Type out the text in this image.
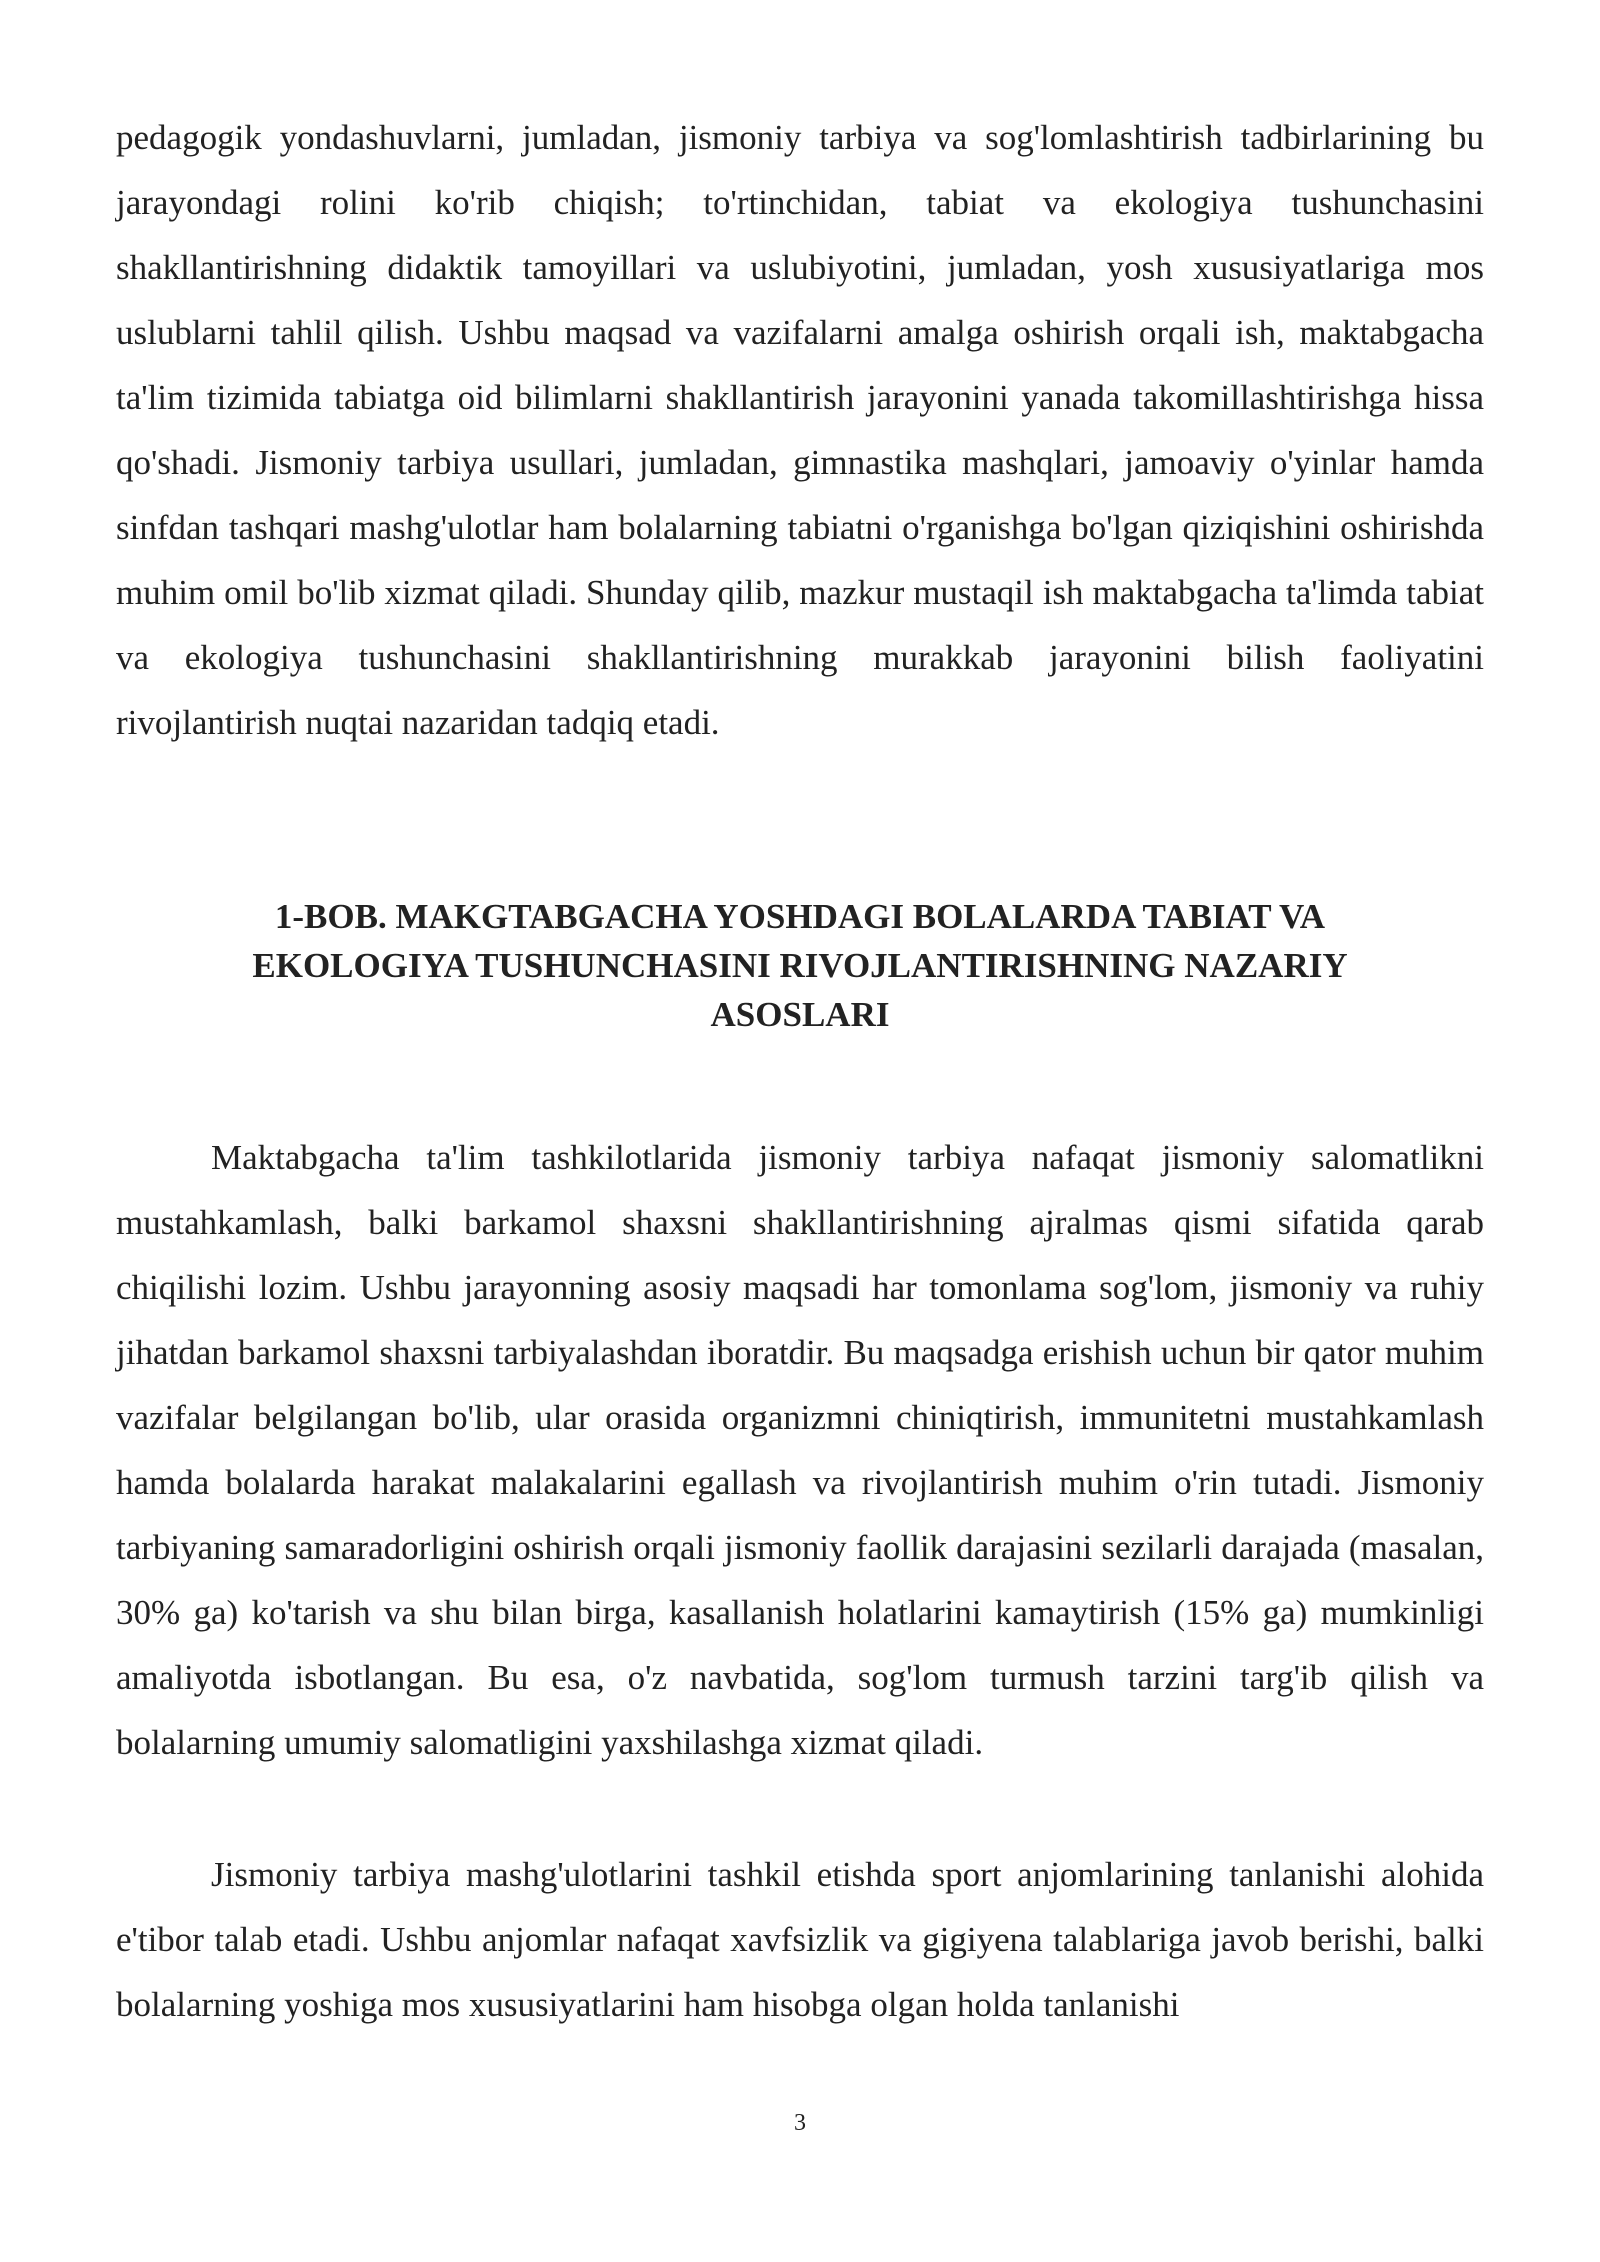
pedagogik yondashuvlarni, jumladan, jismoniy tarbiya va sog'lomlashtirish tadbirlarining bu jarayondagi rolini ko'rib chiqish; to'rtinchidan, tabiat va ekologiya tushunchasini shakllantirishning didaktik tamoyillari va uslubiyotini, jumladan, yosh xususiyatlariga mos uslublarni tahlil qilish. Ushbu maqsad va vazifalarni amalga oshirish orqali ish, maktabgacha ta'lim tizimida tabiatga oid bilimlarni shakllantirish jarayonini yanada takomillashtirishga hissa qo'shadi. Jismoniy tarbiya usullari, jumladan, gimnastika mashqlari, jamoaviy o'yinlar hamda sinfdan tashqari mashg'ulotlar ham bolalarning tabiatni o'rganishga bo'lgan qiziqishini oshirishda muhim omil bo'lib xizmat qiladi. Shunday qilib, mazkur mustaqil ish maktabgacha ta'limda tabiat va ekologiya tushunchasini shakllantirishning murakkab jarayonini bilish faoliyatini rivojlantirish nuqtai nazaridan tadqiq etadi.

1-BOB. MAKGTABGACHA YOSHDAGI BOLALARDA TABIAT VA
EKOLOGIYA TUSHUNCHASINI RIVOJLANTIRISHNING NAZARIY
ASOSLARI

Maktabgacha ta'lim tashkilotlarida jismoniy tarbiya nafaqat jismoniy salomatlikni mustahkamlash, balki barkamol shaxsni shakllantirishning ajralmas qismi sifatida qarab chiqilishi lozim. Ushbu jarayonning asosiy maqsadi har tomonlama sog'lom, jismoniy va ruhiy jihatdan barkamol shaxsni tarbiyalashdan iboratdir. Bu maqsadga erishish uchun bir qator muhim vazifalar belgilangan bo'lib, ular orasida organizmni chiniqtirish, immunitetni mustahkamlash hamda bolalarda harakat malakalarini egallash va rivojlantirish muhim o'rin tutadi. Jismoniy tarbiyaning samaradorligini oshirish orqali jismoniy faollik darajasini sezilarli darajada (masalan, 30% ga) ko'tarish va shu bilan birga, kasallanish holatlarini kamaytirish (15% ga) mumkinligi amaliyotda isbotlangan. Bu esa, o'z navbatida, sog'lom turmush tarzini targ'ib qilish va bolalarning umumiy salomatligini yaxshilashga xizmat qiladi.

Jismoniy tarbiya mashg'ulotlarini tashkil etishda sport anjomlarining tanlanishi alohida e'tibor talab etadi. Ushbu anjomlar nafaqat xavfsizlik va gigiyena talablariga javob berishi, balki bolalarning yoshiga mos xususiyatlarini ham hisobga olgan holda tanlanishi

3
